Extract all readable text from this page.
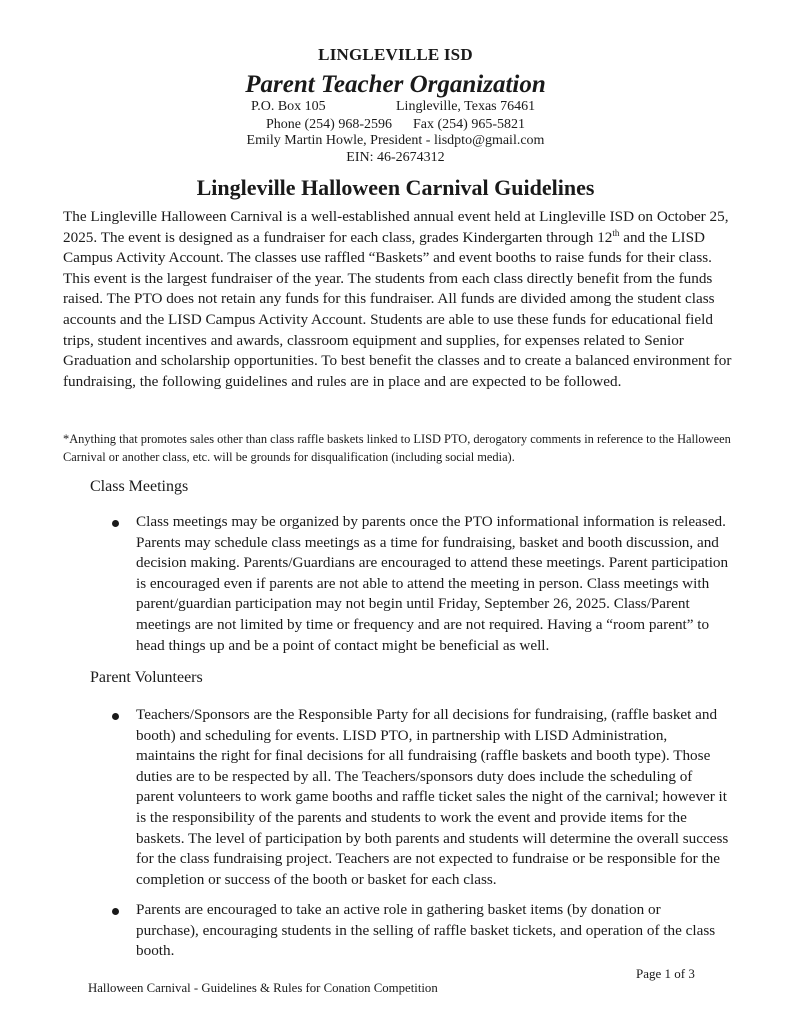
LINGLEVILLE ISD
Parent Teacher Organization
P.O. Box 105	Lingleville, Texas 76461
Phone (254) 968-2596 Fax (254) 965-5821
Emily Martin Howle, President - lisdpto@gmail.com
EIN: 46-2674312
Lingleville Halloween Carnival Guidelines
The Lingleville Halloween Carnival is a well-established annual event held at Lingleville ISD on October 25, 2025. The event is designed as a fundraiser for each class, grades Kindergarten through 12th and the LISD Campus Activity Account. The classes use raffled “Baskets” and event booths to raise funds for their class. This event is the largest fundraiser of the year. The students from each class directly benefit from the funds raised. The PTO does not retain any funds for this fundraiser. All funds are divided among the student class accounts and the LISD Campus Activity Account. Students are able to use these funds for educational field trips, student incentives and awards, classroom equipment and supplies, for expenses related to Senior Graduation and scholarship opportunities. To best benefit the classes and to create a balanced environment for fundraising, the following guidelines and rules are in place and are expected to be followed.
*Anything that promotes sales other than class raffle baskets linked to LISD PTO, derogatory comments in reference to the Halloween Carnival or another class, etc. will be grounds for disqualification (including social media).
Class Meetings
Class meetings may be organized by parents once the PTO informational information is released. Parents may schedule class meetings as a time for fundraising, basket and booth discussion, and decision making. Parents/Guardians are encouraged to attend these meetings. Parent participation is encouraged even if parents are not able to attend the meeting in person. Class meetings with parent/guardian participation may not begin until Friday, September 26, 2025. Class/Parent meetings are not limited by time or frequency and are not required. Having a “room parent” to head things up and be a point of contact might be beneficial as well.
Parent Volunteers
Teachers/Sponsors are the Responsible Party for all decisions for fundraising, (raffle basket and booth) and scheduling for events. LISD PTO, in partnership with LISD Administration, maintains the right for final decisions for all fundraising (raffle baskets and booth type). Those duties are to be respected by all. The Teachers/sponsors duty does include the scheduling of parent volunteers to work game booths and raffle ticket sales the night of the carnival; however it is the responsibility of the parents and students to work the event and provide items for the baskets. The level of participation by both parents and students will determine the overall success for the class fundraising project. Teachers are not expected to fundraise or be responsible for the completion or success of the booth or basket for each class.
Parents are encouraged to take an active role in gathering basket items (by donation or purchase), encouraging students in the selling of raffle basket tickets, and operation of the class booth.
Page 1 of 3
Halloween Carnival - Guidelines & Rules for Conation Competition
